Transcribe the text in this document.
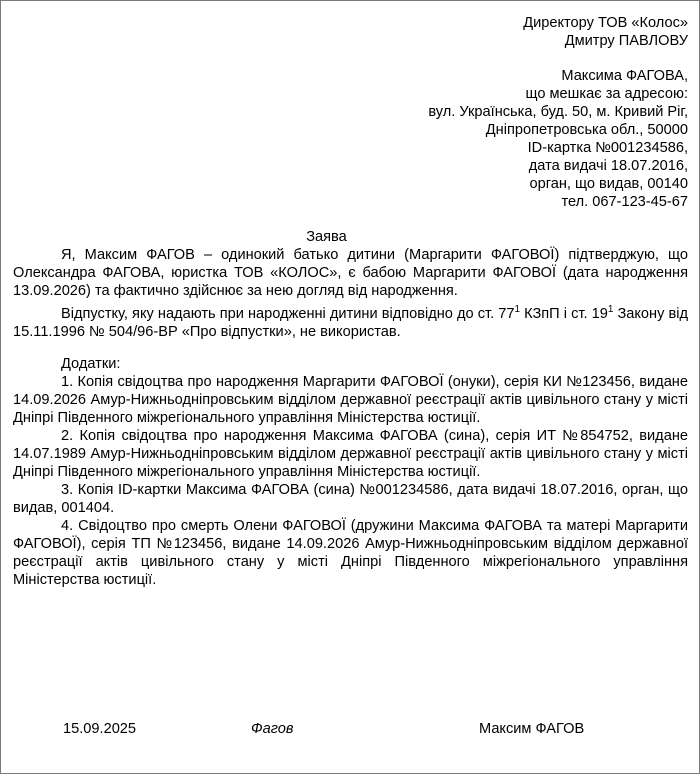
Директору ТОВ «Колос»
Дмитру ПАВЛОВУ
Максима ФАГОВА,
що мешкає за адресою:
вул. Українська, буд. 50, м. Кривий Ріг,
Дніпропетровська обл., 50000
ID-картка №001234586,
дата видачі 18.07.2016,
орган, що видав, 00140
тел. 067-123-45-67
Заява

Я, Максим ФАГОВ – одинокий батько дитини (Маргарити ФАГОВОЇ) підтверджую, що Олександра ФАГОВА, юристка ТОВ «КОЛОС», є бабою Маргарити ФАГОВОЇ (дата народження 13.09.2026) та фактично здійснює за нею догляд від народження.

Відпустку, яку надають при народженні дитини відповідно до ст. $77^1$ КЗпП і ст. $19^1$ Закону від 15.11.1996 № 504/96-ВР «Про відпустки», не використав.

Додатки:

1. Копія свідоцтва про народження Маргарити ФАГОВОЇ (онуки), серія КИ №123456, видане 14.09.2026 Амур-Нижньодніпровським відділом державної реєстрації актів цивільного стану у місті Дніпрі Південного міжрегіонального управління Міністерства юстиції.

2. Копія свідоцтва про народження Максима ФАГОВА (сина), серія ИТ №854752, видане 14.07.1989 Амур-Нижньодніпровським відділом державної реєстрації актів цивільного стану у місті Дніпрі Південного міжрегіонального управління Міністерства юстиції.

3. Копія ID-картки Максима ФАГОВА (сина) №001234586, дата видачі 18.07.2016, орган, що видав, 001404.

4. Свідоцтво про смерть Олени ФАГОВОЇ (дружини Максима ФАГОВА та матері Маргарити ФАГОВОЇ), серія ТП №123456, видане 14.09.2026 Амур-Нижньодніпровським відділом державної реєстрації актів цивільного стану у місті Дніпрі Південного міжрегіонального управління Міністерства юстиції.

15.09.2025	Фагов	Максим ФАГОВ
